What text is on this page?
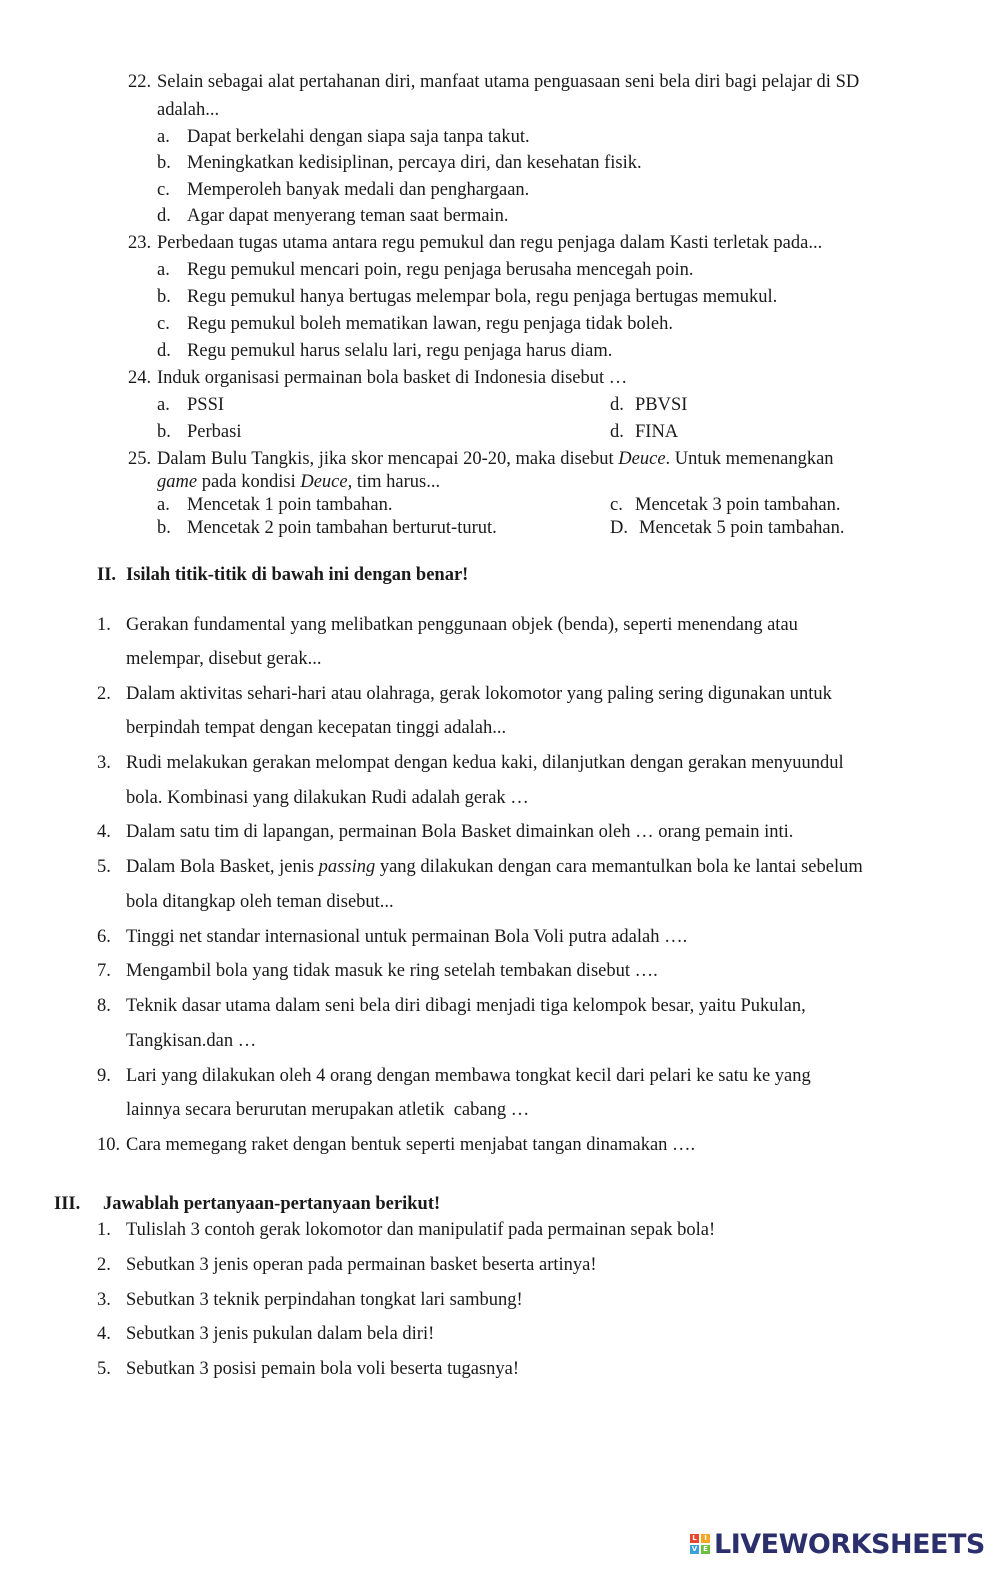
22. Selain sebagai alat pertahanan diri, manfaat utama penguasaan seni bela diri bagi pelajar di SD
adalah...
a. Dapat berkelahi dengan siapa saja tanpa takut.
b. Meningkatkan kedisiplinan, percaya diri, dan kesehatan fisik.
c. Memperoleh banyak medali dan penghargaan.
d. Agar dapat menyerang teman saat bermain.
23. Perbedaan tugas utama antara regu pemukul dan regu penjaga dalam Kasti terletak pada...
a. Regu pemukul mencari poin, regu penjaga berusaha mencegah poin.
b. Regu pemukul hanya bertugas melempar bola, regu penjaga bertugas memukul.
c. Regu pemukul boleh mematikan lawan, regu penjaga tidak boleh.
d. Regu pemukul harus selalu lari, regu penjaga harus diam.
24. Induk organisasi permainan bola basket di Indonesia disebut …
a. PSSI
b. Perbasi
d. PBVSI
d. FINA
25. Dalam Bulu Tangkis, jika skor mencapai 20-20, maka disebut Deuce. Untuk memenangkan
game pada kondisi Deuce, tim harus...
a. Mencetak 1 poin tambahan.
b. Mencetak 2 poin tambahan berturut-turut.
c. Mencetak 3 poin tambahan.
D. Mencetak 5 poin tambahan.
II. Isilah titik-titik di bawah ini dengan benar!
1. Gerakan fundamental yang melibatkan penggunaan objek (benda), seperti menendang atau
melempar, disebut gerak...
2. Dalam aktivitas sehari-hari atau olahraga, gerak lokomotor yang paling sering digunakan untuk
berpindah tempat dengan kecepatan tinggi adalah...
3. Rudi melakukan gerakan melompat dengan kedua kaki, dilanjutkan dengan gerakan menyuundul
bola. Kombinasi yang dilakukan Rudi adalah gerak …
4. Dalam satu tim di lapangan, permainan Bola Basket dimainkan oleh … orang pemain inti.
5. Dalam Bola Basket, jenis passing yang dilakukan dengan cara memantulkan bola ke lantai sebelum
bola ditangkap oleh teman disebut...
6. Tinggi net standar internasional untuk permainan Bola Voli putra adalah ….
7. Mengambil bola yang tidak masuk ke ring setelah tembakan disebut ….
8. Teknik dasar utama dalam seni bela diri dibagi menjadi tiga kelompok besar, yaitu Pukulan,
Tangkisan.dan …
9. Lari yang dilakukan oleh 4 orang dengan membawa tongkat kecil dari pelari ke satu ke yang
lainnya secara berurutan merupakan atletik  cabang …
10. Cara memegang raket dengan bentuk seperti menjabat tangan dinamakan ….
III. Jawablah pertanyaan-pertanyaan berikut!
1. Tulislah 3 contoh gerak lokomotor dan manipulatif pada permainan sepak bola!
2. Sebutkan 3 jenis operan pada permainan basket beserta artinya!
3. Sebutkan 3 teknik perpindahan tongkat lari sambung!
4. Sebutkan 3 jenis pukulan dalam bela diri!
5. Sebutkan 3 posisi pemain bola voli beserta tugasnya!
L	I
V E LIVEWORKSHEETS
